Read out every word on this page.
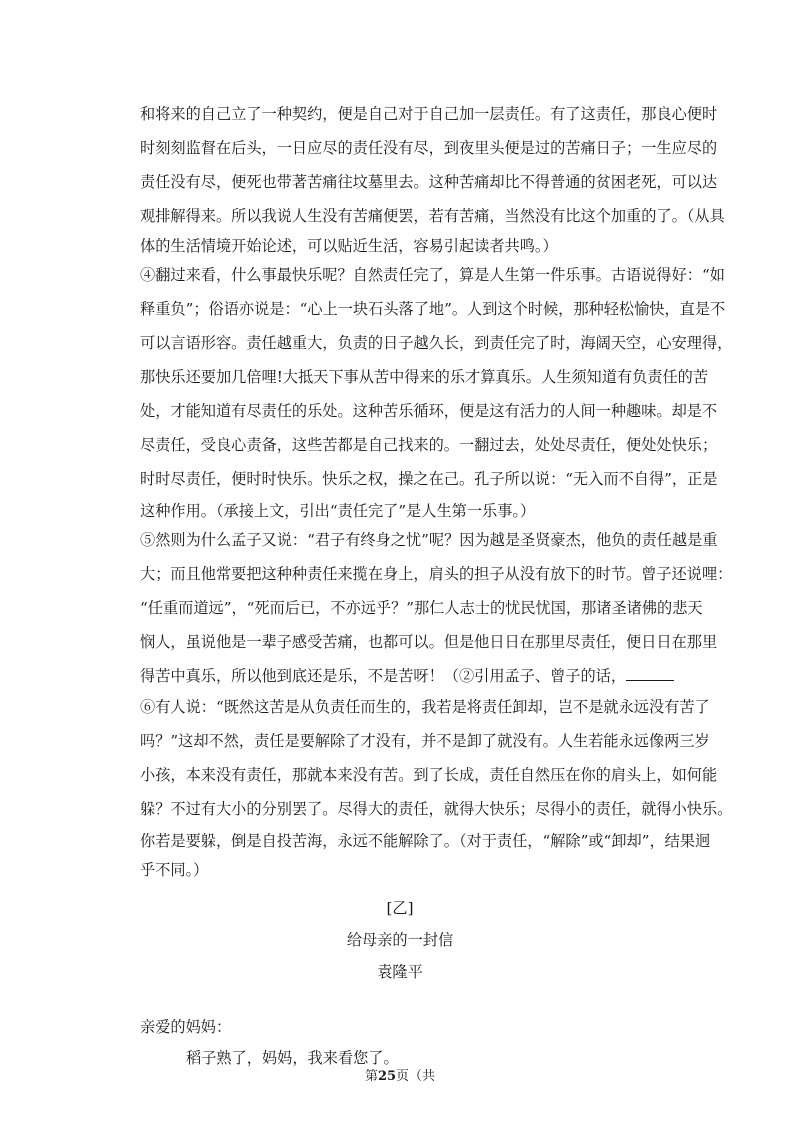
和将来的自己立了一种契约，便是自己对于自己加一层责任。有了这责任，那良心便时
时刻刻监督在后头，一日应尽的责任没有尽，到夜里头便是过的苦痛日子；一生应尽的
责任没有尽，便死也带著苦痛往坟墓里去。这种苦痛却比不得普通的贫困老死，可以达
观排解得来。所以我说人生没有苦痛便罢，若有苦痛，当然没有比这个加重的了。（从具
体的生活情境开始论述，可以贴近生活，容易引起读者共鸣。）
④翻过来看，什么事最快乐呢？自然责任完了，算是人生第一件乐事。古语说得好：“如
释重负”；俗语亦说是：“心上一块石头落了地”。人到这个时候，那种轻松愉快，直是不
可以言语形容。责任越重大，负责的日子越久长，到责任完了时，海阔天空，心安理得，
那快乐还要加几倍哩!大抵天下事从苦中得来的乐才算真乐。人生须知道有负责任的苦
处，才能知道有尽责任的乐处。这种苦乐循环，便是这有活力的人间一种趣味。却是不
尽责任，受良心责备，这些苦都是自己找来的。一翻过去，处处尽责任，便处处快乐；
时时尽责任，便时时快乐。快乐之权，操之在己。孔子所以说：“无入而不自得”，正是
这种作用。（承接上文，引出“责任完了”是人生第一乐事。）
⑤然则为什么孟子又说：“君子有终身之忧”呢？因为越是圣贤豪杰，他负的责任越是重
大；而且他常要把这种种责任来揽在身上，肩头的担子从没有放下的时节。曾子还说哩：
“任重而道远”，“死而后已，不亦远乎？”那仁人志士的忧民忧国，那诸圣诸佛的悲天
悯人，虽说他是一辈子感受苦痛，也都可以。但是他日日在那里尽责任，便日日在那里
得苦中真乐，所以他到底还是乐，不是苦呀！（②引用孟子、曾子的话，
⑥有人说：“既然这苦是从负责任而生的，我若是将责任卸却，岂不是就永远没有苦了
吗？”这却不然，责任是要解除了才没有，并不是卸了就没有。人生若能永远像两三岁
小孩，本来没有责任，那就本来没有苦。到了长成，责任自然压在你的肩头上，如何能
躲？不过有大小的分别罢了。尽得大的责任，就得大快乐；尽得小的责任，就得小快乐。
你若是要躲，倒是自投苦海，永远不能解除了。（对于责任，“解除”或“卸却”，结果迥
乎不同。）
[乙]
给母亲的一封信
袁隆平
亲爱的妈妈：
稻子熟了，妈妈，我来看您了。
第25页（共
